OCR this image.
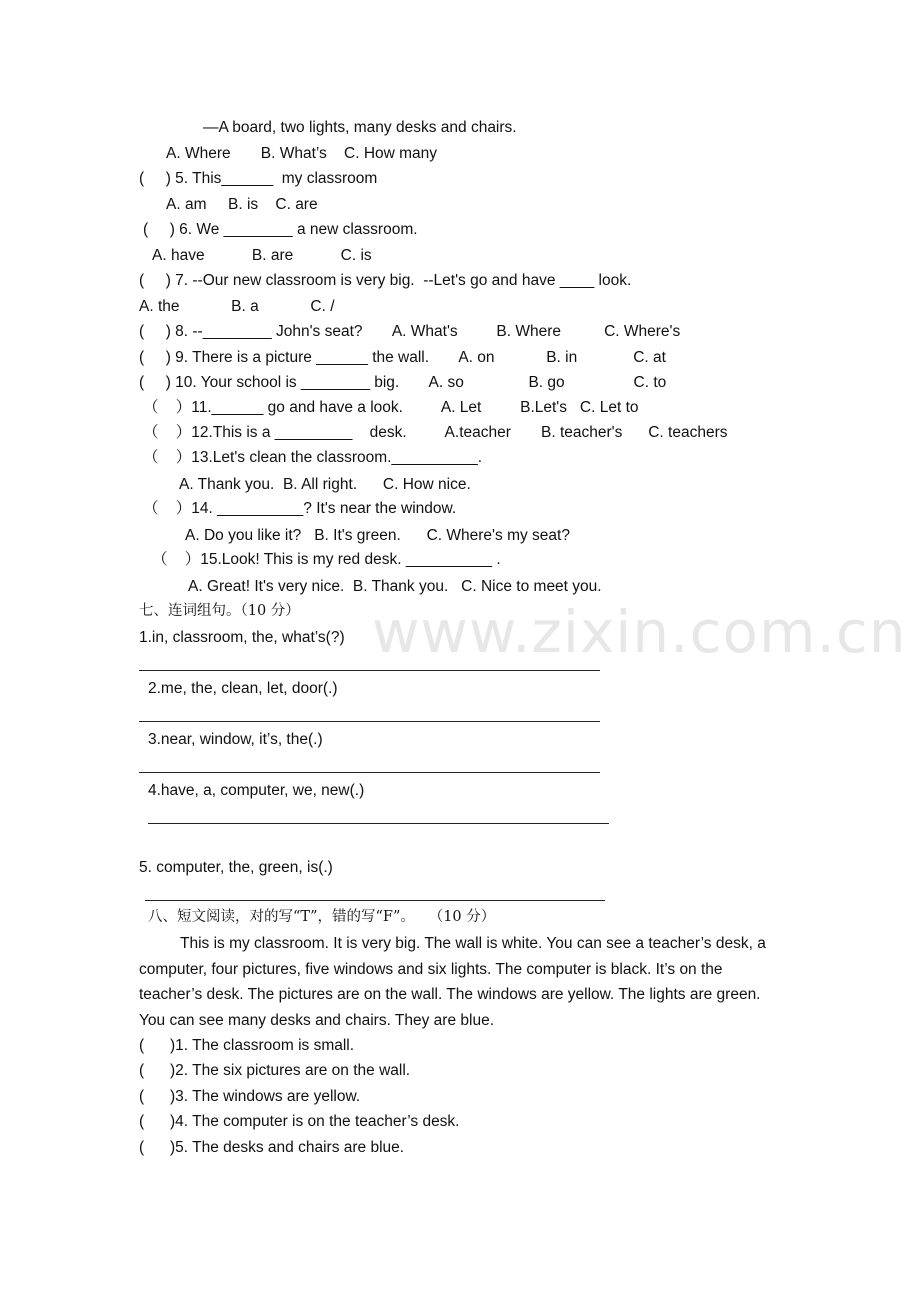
www.zixin.com.cn
—A board, two lights, many desks and chairs.
A. Where       B. What’s    C. How many
(     ) 5. This______  my classroom
A. am     B. is    C. are
(     ) 6. We ________ a new classroom.
A. have           B. are           C. is
(     ) 7. --Our new classroom is very big.  --Let's go and have ____ look.
A. the            B. a            C. /
(     ) 8. --________ John's seat?       A. What's         B. Where          C. Where's
(     ) 9. There is a picture ______ the wall.       A. on            B. in             C. at
(     ) 10. Your school is ________ big.       A. so               B. go                C. to
（    ）11.______ go and have a look.         A. Let         B.Let's   C. Let to
（    ）12.This is a _________    desk.         A.teacher       B. teacher's      C. teachers
（    ）13.Let's clean the classroom.__________.
A. Thank you.  B. All right.      C. How nice.
（    ）14. __________? It's near the window.
A. Do you like it?   B. It's green.      C. Where's my seat?
（    ）15.Look! This is my red desk. __________ .
A. Great! It's very nice.  B. Thank you.   C. Nice to meet you.
七、连词组句。（10 分）
1.in, classroom, the, what’s(?)
2.me, the, clean, let, door(.)
3.near, window, it’s, the(.)
4.have, a, computer, we, new(.)
5. computer, the, green, is(.)
八、短文阅读，对的写“T”，错的写“F”。   （10 分）
This is my classroom. It is very big. The wall is white. You can see a teacher’s desk, a computer, four pictures, five windows and six lights. The computer is black. It’s on the teacher’s desk. The pictures are on the wall. The windows are yellow. The lights are green. You can see many desks and chairs. They are blue.
(      )1. The classroom is small.
(      )2. The six pictures are on the wall.
(      )3. The windows are yellow.
(      )4. The computer is on the teacher’s desk.
(      )5. The desks and chairs are blue.
